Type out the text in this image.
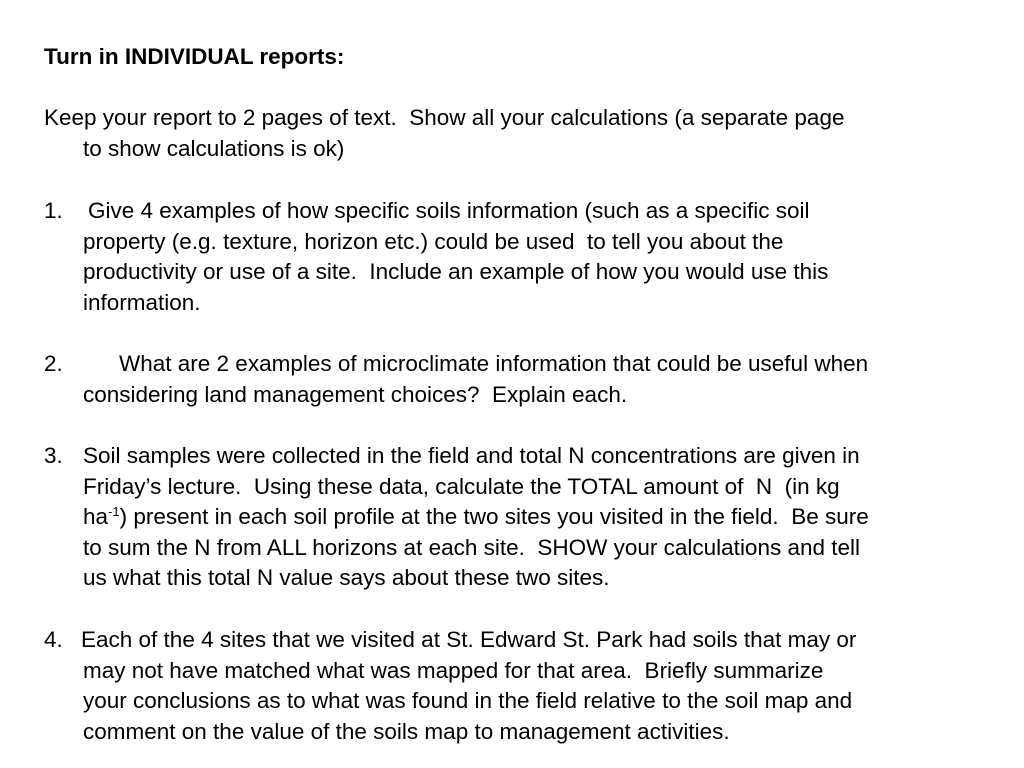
Turn in INDIVIDUAL reports:
Keep your report to 2 pages of text.  Show all your calculations (a separate page
to show calculations is ok)
1. Give 4 examples of how specific soils information (such as a specific soil
property (e.g. texture, horizon etc.) could be used  to tell you about the
productivity or use of a site.  Include an example of how you would use this
information.
2. What are 2 examples of microclimate information that could be useful when
considering land management choices?  Explain each.
3. Soil samples were collected in the field and total N concentrations are given in
Friday’s lecture.  Using these data, calculate the TOTAL amount of  N  (in kg
$ha^{-1}$) present in each soil profile at the two sites you visited in the field.  Be sure
to sum the N from ALL horizons at each site.  SHOW your calculations and tell
us what this total N value says about these two sites.
4. Each of the 4 sites that we visited at St. Edward St. Park had soils that may or
may not have matched what was mapped for that area.  Briefly summarize
your conclusions as to what was found in the field relative to the soil map and
comment on the value of the soils map to management activities.
